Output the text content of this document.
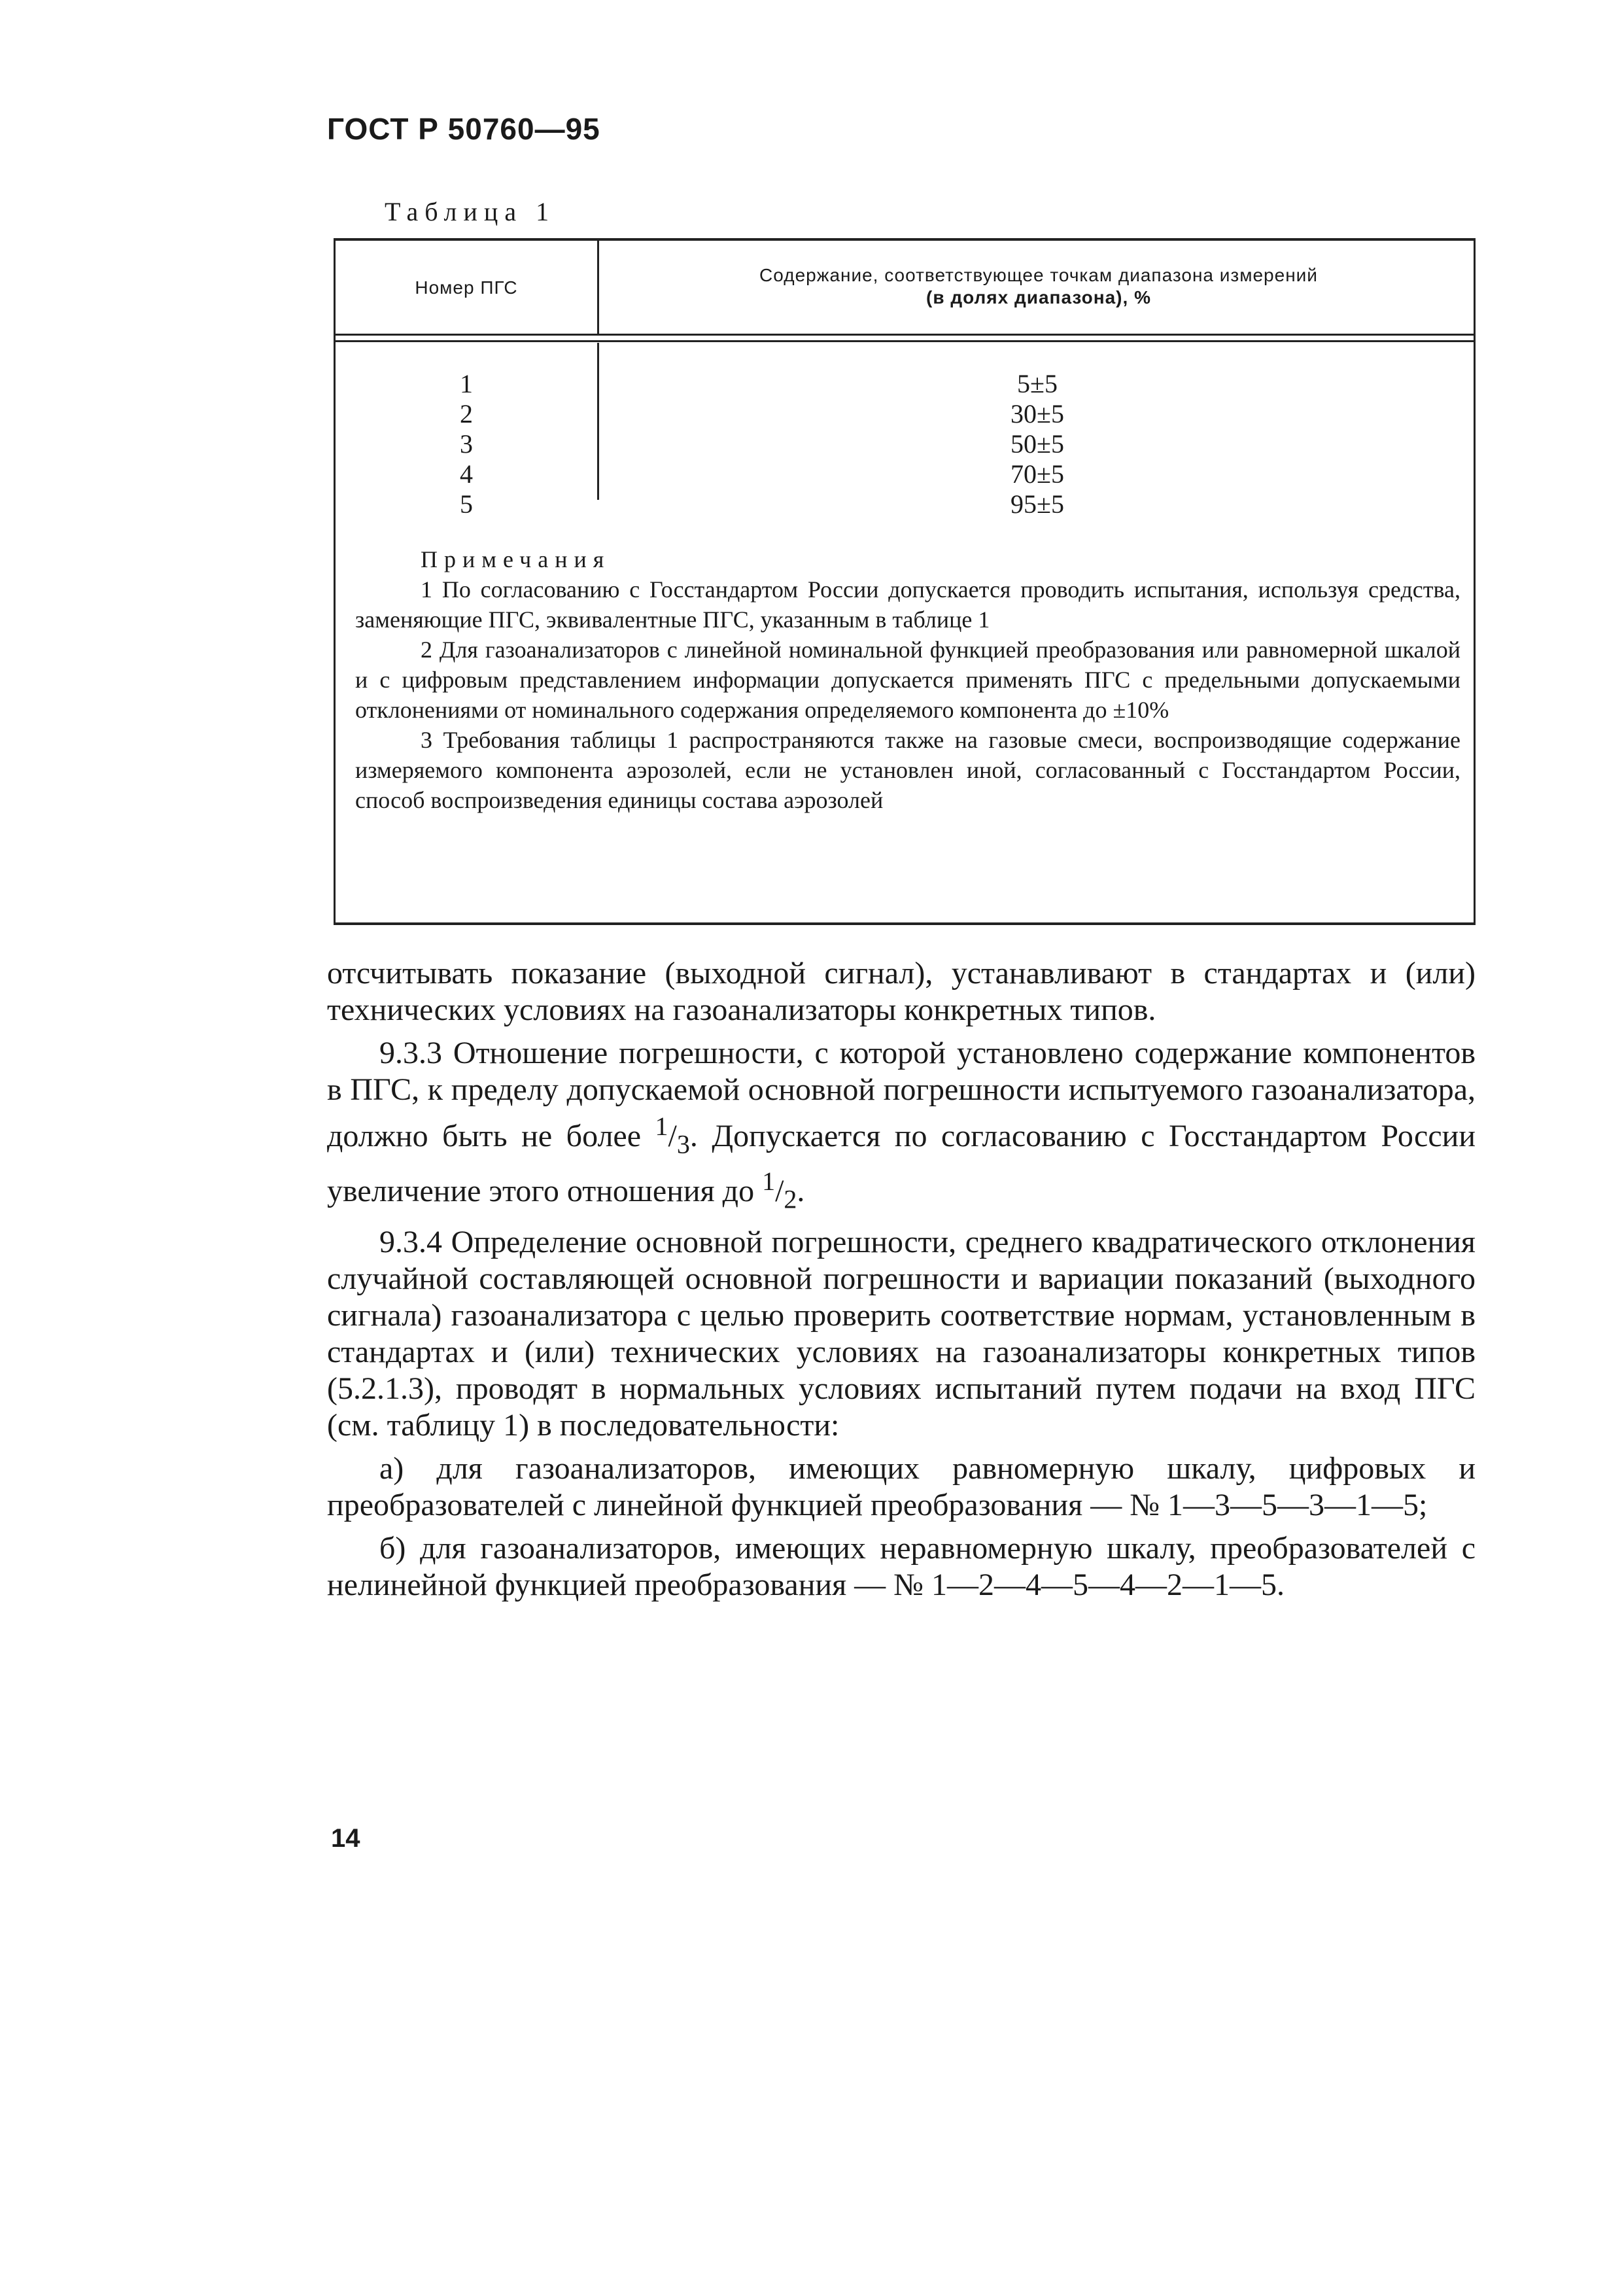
ГОСТ Р 50760—95
Таблица 1
Номер ПГС
Содержание, соответствующее точкам диапазона измерений
(в долях диапазона), %
1
2
3
4
5
5±5
30±5
50±5
70±5
95±5
Примечания

1 По согласованию с Госстандартом России допускается проводить испытания, используя средства, заменяющие ПГС, эквивалентные ПГС, указанным в таблице 1

2 Для газоанализаторов с линейной номинальной функцией преобразования или равномерной шкалой и с цифровым представлением информации допускается применять ПГС с предельными допускаемыми отклонениями от номинального содержания определяемого компонента до ±10%

3 Требования таблицы 1 распространяются также на газовые смеси, воспроизводящие содержание измеряемого компонента аэрозолей, если не установлен иной, согласованный с Госстандартом России, способ воспроизведения единицы состава аэрозолей

отсчитывать показание (выходной сигнал), устанавливают в стандартах и (или) технических условиях на газоанализаторы конкретных типов.

9.3.3 Отношение погрешности, с которой установлено содержание компонентов в ПГС, к пределу допускаемой основной погрешности испытуемого газоанализатора, должно быть не более $^1/_3$. Допускается по согласованию с Госстандартом России увеличение этого отношения до $^1/_2$.

9.3.4 Определение основной погрешности, среднего квадратического отклонения случайной составляющей основной погрешности и вариации показаний (выходного сигнала) газоанализатора с целью проверить соответствие нормам, установленным в стандартах и (или) технических условиях на газоанализаторы конкретных типов (5.2.1.3), проводят в нормальных условиях испытаний путем подачи на вход ПГС (см. таблицу 1) в последовательности:

а) для газоанализаторов, имеющих равномерную шкалу, цифровых и преобразователей с линейной функцией преобразования — № 1—3—5—3—1—5;

б) для газоанализаторов, имеющих неравномерную шкалу, преобразователей с нелинейной функцией преобразования — № 1—2—4—5—4—2—1—5.

14
